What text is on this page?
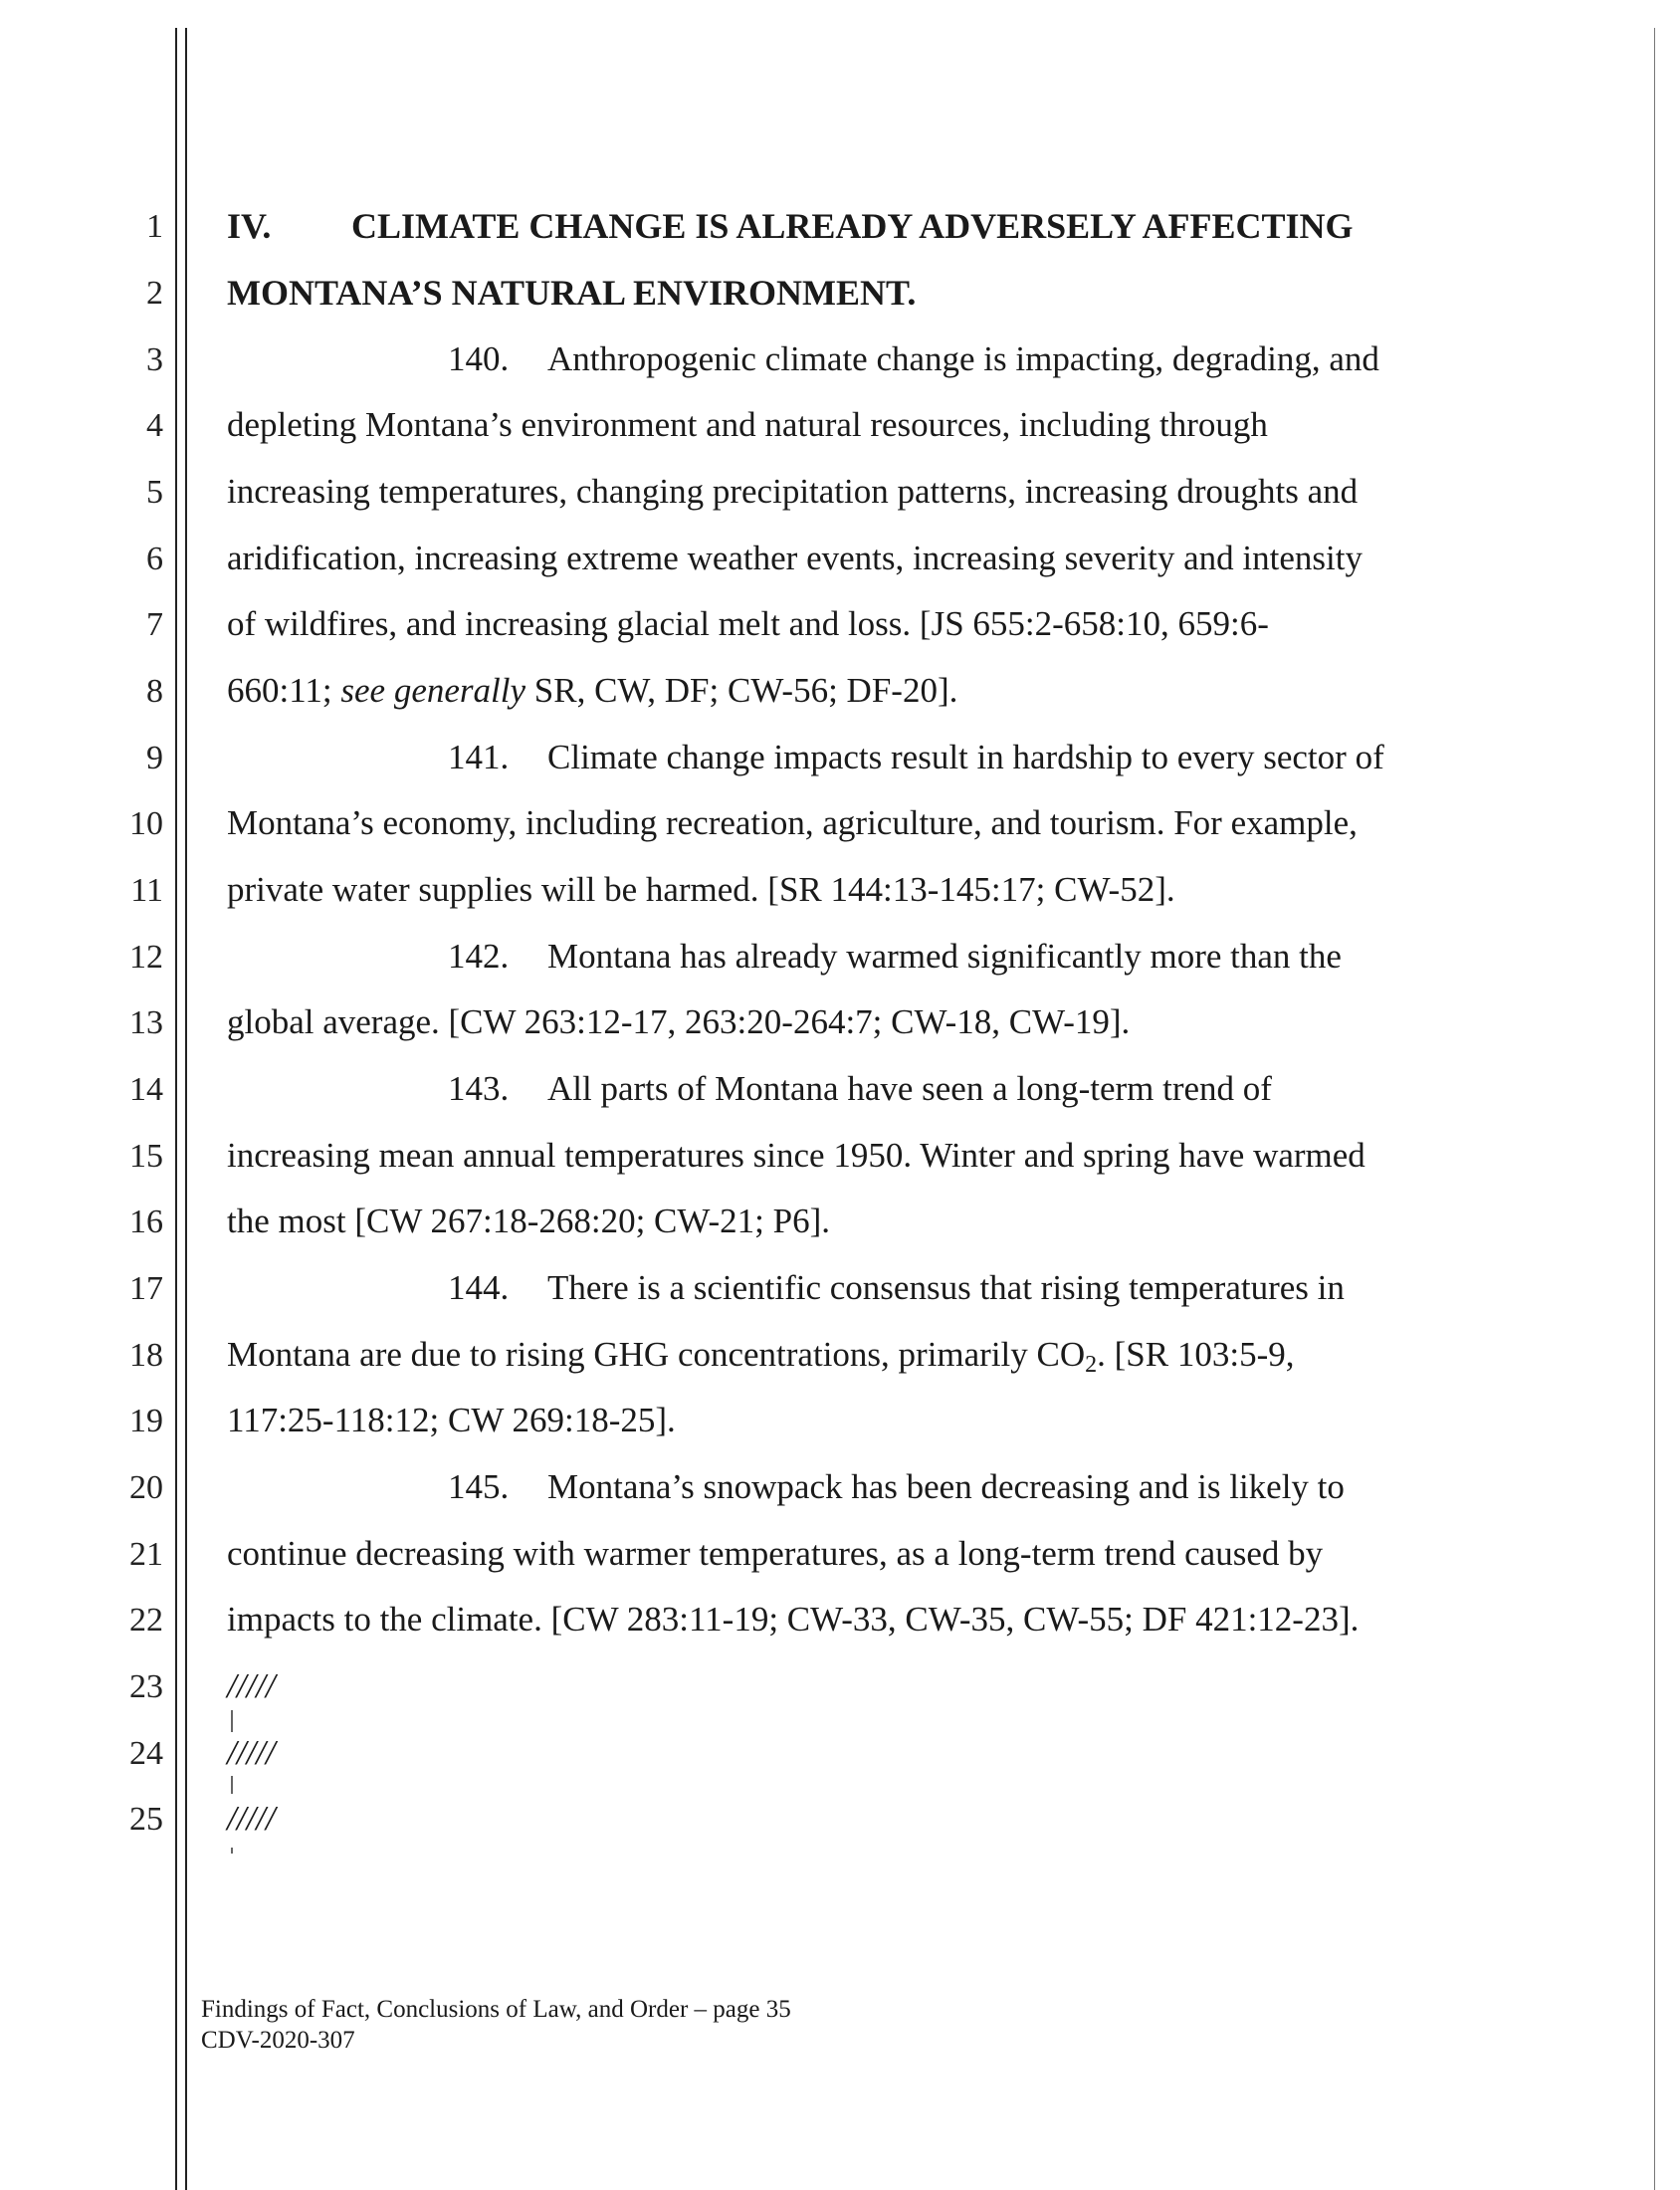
1
2
3
4
5
6
7
8
9
10
11
12
13
14
15
16
17
18
19
20
21
22
23
24
25
IV. CLIMATE CHANGE IS ALREADY ADVERSELY AFFECTING
MONTANA’S NATURAL ENVIRONMENT.
140. Anthropogenic climate change is impacting, degrading, and
depleting Montana’s environment and natural resources, including through
increasing temperatures, changing precipitation patterns, increasing droughts and
aridification, increasing extreme weather events, increasing severity and intensity
of wildfires, and increasing glacial melt and loss. [JS 655:2-658:10, 659:6-
660:11; see generally SR, CW, DF; CW-56; DF-20].
141. Climate change impacts result in hardship to every sector of
Montana’s economy, including recreation, agriculture, and tourism. For example,
private water supplies will be harmed. [SR 144:13-145:17; CW-52].
142. Montana has already warmed significantly more than the
global average. [CW 263:12-17, 263:20-264:7; CW-18, CW-19].
143. All parts of Montana have seen a long-term trend of
increasing mean annual temperatures since 1950. Winter and spring have warmed
the most [CW 267:18-268:20; CW-21; P6].
144. There is a scientific consensus that rising temperatures in
Montana are due to rising GHG concentrations, primarily $CO_2$. [SR 103:5-9,
117:25-118:12; CW 269:18-25].
145. Montana’s snowpack has been decreasing and is likely to
continue decreasing with warmer temperatures, as a long-term trend caused by
impacts to the climate. [CW 283:11-19; CW-33, CW-35, CW-55; DF 421:12-23].
/////
/////
/////
Findings of Fact, Conclusions of Law, and Order – page 35
CDV-2020-307
